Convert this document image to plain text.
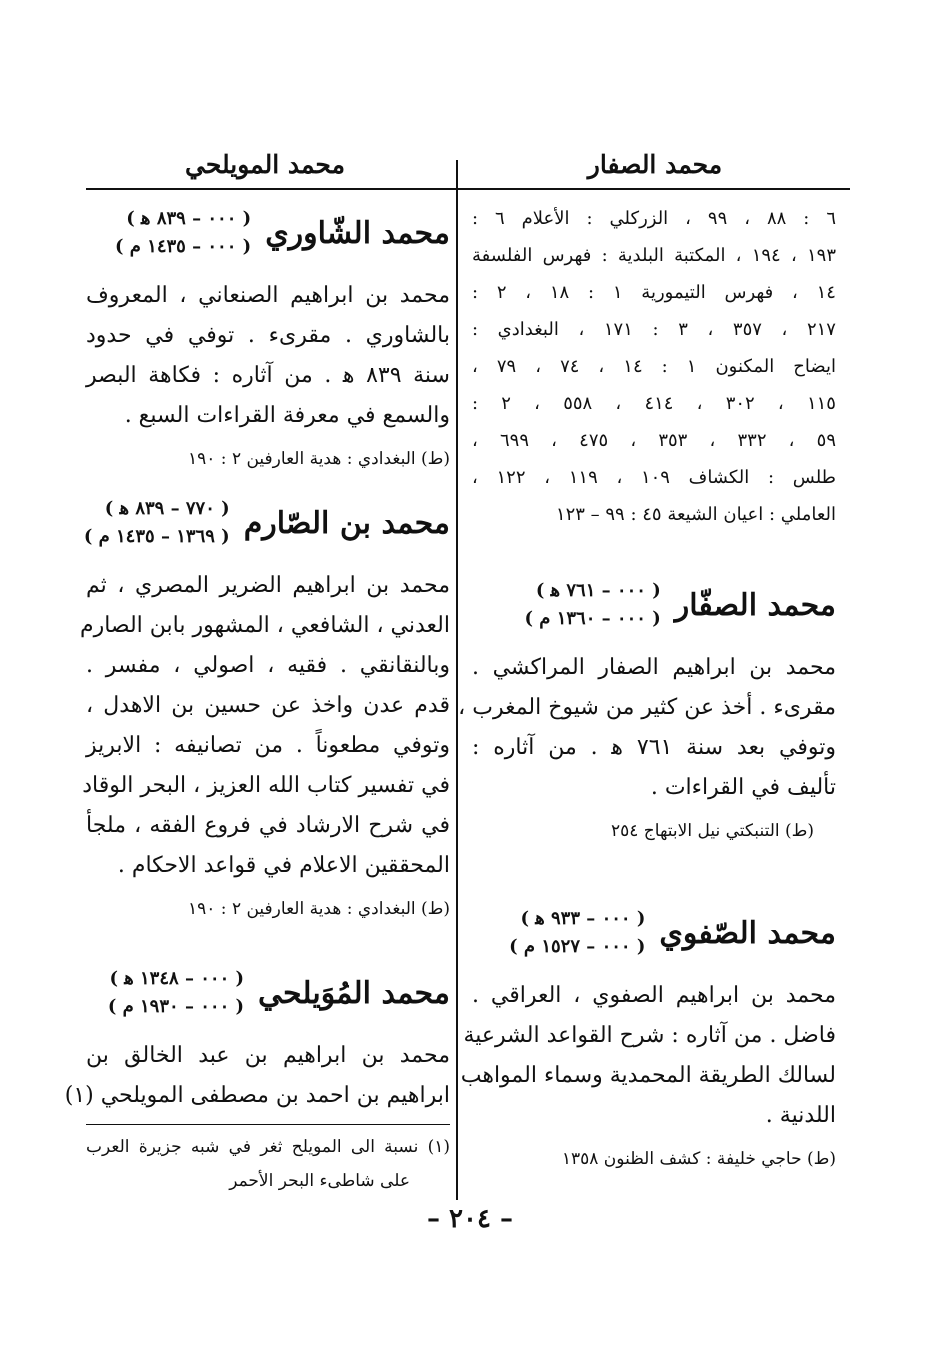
محمد الصفار
محمد المويلحي
٦ : ٨٨ ، ٩٩ ، الزركلي : الأعلام ٦ :
١٩٣ ، ١٩٤ ، المكتبة البلدية : فهرس الفلسفة
١٤ ، فهرس التيمورية ١ : ١٨ ، ٢ :
٢١٧ ، ٣٥٧ ، ٣ : ١٧١ ، البغدادي :
ايضاح المكنون ١ : ١٤ ، ٧٤ ، ٧٩ ،
١١٥ ، ٣٠٢ ، ٤١٤ ، ٥٥٨ ، ٢ :
٥٩ ، ٣٣٢ ، ٣٥٣ ، ٤٧٥ ، ٦٩٩ ،
طلس : الكشاف ١٠٩ ، ١١٩ ، ١٢٢ ،
العاملي : اعيان الشيعة ٤٥ : ٩٩ – ١٢٣
محمد الصفّار
( ٠٠٠ – ٧٦١ ﻫ )
( ٠٠٠ – ١٣٦٠ م )
محمد بن ابراهيم الصفار المراكشي .
مقرىء . أخذ عن كثير من شيوخ المغرب ،
وتوفي بعد سنة ٧٦١ ﻫ . من آثاره :
تأليف في القراءات .
(ط) التنبكتي نيل الابتهاج ٢٥٤
محمد الصّفوي
( ٠٠٠ – ٩٣٣ ﻫ )
( ٠٠٠ – ١٥٢٧ م )
محمد بن ابراهيم الصفوي ، العراقي .
فاضل . من آثاره : شرح القواعد الشرعية
لسالك الطريقة المحمدية وسماء المواهب
اللدنية .
(ط) حاجي خليفة : كشف الظنون ١٣٥٨
محمد الشّاوري
( ٠٠٠ – ٨٣٩ ﻫ )
( ٠٠٠ – ١٤٣٥ م )
محمد بن ابراهيم الصنعاني ، المعروف
بالشاوري . مقرىء . توفي في حدود
سنة ٨٣٩ ﻫ . من آثاره : فكاهة البصر
والسمع في معرفة القراءات السبع .
(ط) البغدادي : هدية العارفين ٢ : ١٩٠
محمد بن الصّارم
( ٧٧٠ – ٨٣٩ ﻫ )
( ١٣٦٩ – ١٤٣٥ م )
محمد بن ابراهيم الضرير المصري ، ثم
العدني ، الشافعي ، المشهور بابن الصارم
وبالنقانقي . فقيه ، اصولي ، مفسر .
قدم عدن واخذ عن حسين بن الاهدل ،
وتوفي مطعوناً . من تصانيفه : الابريز
في تفسير كتاب الله العزيز ، البحر الوقاد
في شرح الارشاد في فروع الفقه ، ملجأ
المحققين الاعلام في قواعد الاحكام .
(ط) البغدادي : هدية العارفين ٢ : ١٩٠
محمد المُوَيلحي
( ٠٠٠ – ١٣٤٨ ﻫ )
( ٠٠٠ – ١٩٣٠ م )
محمد بن ابراهيم بن عبد الخالق بن
ابراهيم بن احمد بن مصطفى المويلحي (١)
(١) نسبة الى المويلح ثغر في شبه جزيرة العرب
على شاطىء البحر الأحمر
– ٢٠٤ –
